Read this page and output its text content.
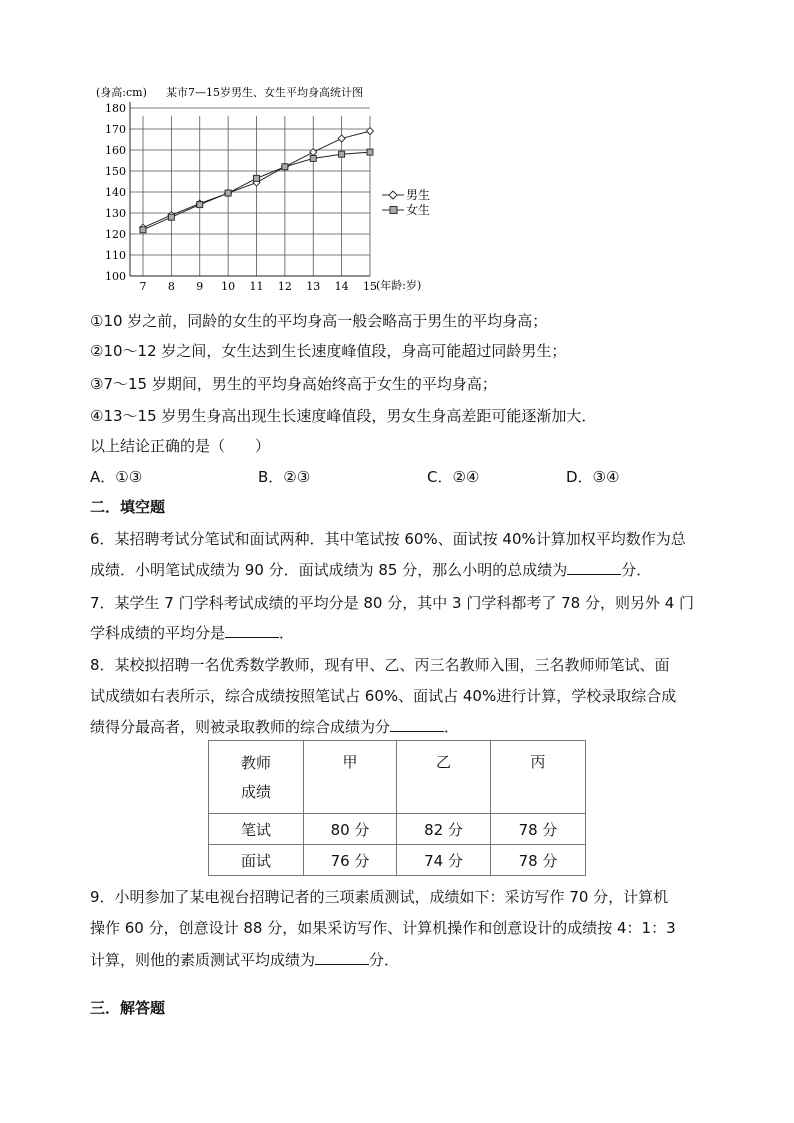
100
110
120
130
140
150
160
170
180
7 8 9 10 11 12 13 14 15
(身高:cm) 某市7—15岁男生、女生平均身高统计图
(年龄:岁)
男生
女生
①10 岁之前，同龄的女生的平均身高一般会略高于男生的平均身高；
②10～12 岁之间，女生达到生长速度峰值段，身高可能超过同龄男生；
③7～15 岁期间，男生的平均身高始终高于女生的平均身高；
④13～15 岁男生身高出现生长速度峰值段，男女生身高差距可能逐渐加大．
以上结论正确的是（　　）
A．①③	B．②③	C．②④	D．③④
二．填空题
6．某招聘考试分笔试和面试两种．其中笔试按 60%、面试按 40%计算加权平均数作为总
成绩．小明笔试成绩为 90 分．面试成绩为 85 分，那么小明的总成绩为	分．
7．某学生 7 门学科考试成绩的平均分是 80 分，其中 3 门学科都考了 78 分，则另外 4 门
学科成绩的平均分是	．
8．某校拟招聘一名优秀数学教师，现有甲、乙、丙三名教师入围，三名教师师笔试、面
试成绩如右表所示，综合成绩按照笔试占 60%、面试占 40%进行计算，学校录取综合成
绩得分最高者，则被录取教师的综合成绩为分	．
教师
成绩	甲	乙	丙
笔试	80 分	82 分	78 分
面试	76 分	74 分	78 分
9．小明参加了某电视台招聘记者的三项素质测试，成绩如下：采访写作 70 分，计算机
操作 60 分，创意设计 88 分，如果采访写作、计算机操作和创意设计的成绩按 4：1：3
计算，则他的素质测试平均成绩为	分．
三．解答题
